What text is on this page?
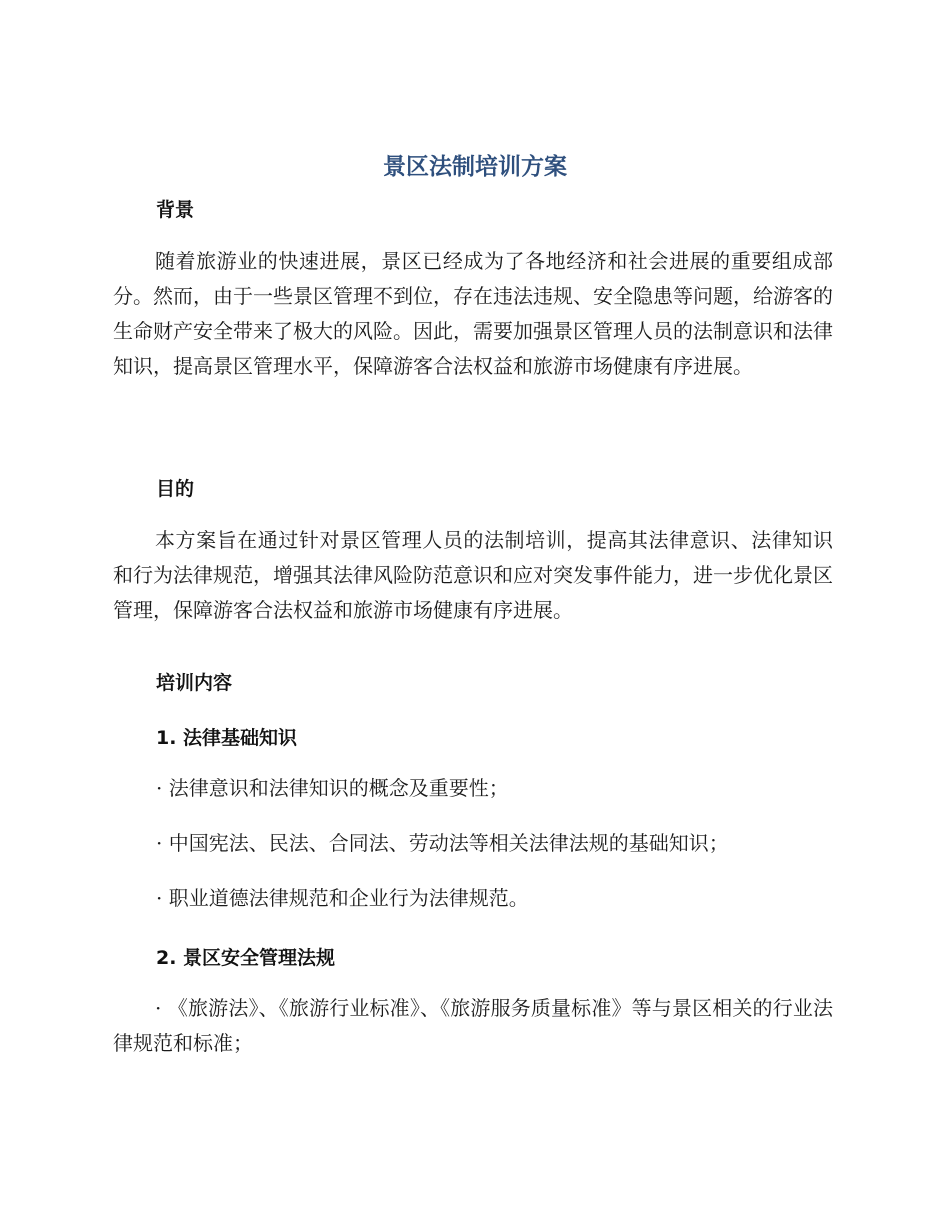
景区法制培训方案
背景

随着旅游业的快速进展，景区已经成为了各地经济和社会进展的重要组成部分。然而，由于一些景区管理不到位，存在违法违规、安全隐患等问题，给游客的生命财产安全带来了极大的风险。因此，需要加强景区管理人员的法制意识和法律知识，提高景区管理水平，保障游客合法权益和旅游市场健康有序进展。

目的

本方案旨在通过针对景区管理人员的法制培训，提高其法律意识、法律知识和行为法律规范，增强其法律风险防范意识和应对突发事件能力，进一步优化景区管理，保障游客合法权益和旅游市场健康有序进展。

培训内容
1. 法律基础知识

· 法律意识和法律知识的概念及重要性；

· 中国宪法、民法、合同法、劳动法等相关法律法规的基础知识；

· 职业道德法律规范和企业行为法律规范。

2. 景区安全管理法规

· 《旅游法》、《旅游行业标准》、《旅游服务质量标准》等与景区相关的行业法律规范和标准；
